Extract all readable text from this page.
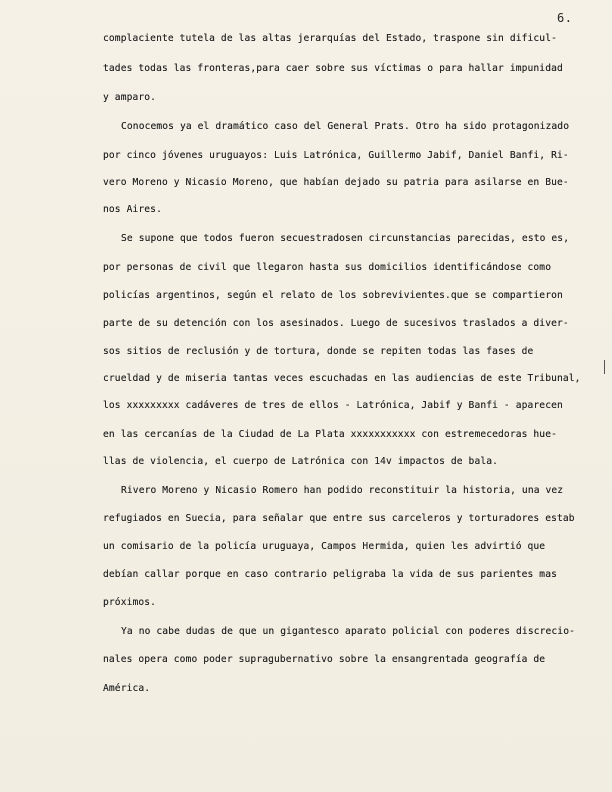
6.
complaciente tutela de las altas jerarquías del Estado, traspone sin dificul-
tades todas las fronteras,para caer sobre sus víctimas o para hallar impunidad
y amparo.
Conocemos ya el dramático caso del General Prats. Otro ha sido protagonizado
por cinco jóvenes uruguayos: Luis Latrónica, Guillermo Jabif, Daniel Banfi, Ri-
vero Moreno y Nicasio Moreno, que habían dejado su patria para asilarse en Bue-
nos Aires.
Se supone que todos fueron secuestradosen circunstancias parecidas, esto es,
por personas de civil que llegaron hasta sus domicilios identificándose como
policías argentinos, según el relato de los sobrevivientes.que se compartieron
parte de su detención con los asesinados. Luego de sucesivos traslados a diver-
sos sitios de reclusión y de tortura, donde se repiten todas las fases de
crueldad y de miseria tantas veces escuchadas en las audiencias de este Tribunal,
los xxxxxxxxx cadáveres de tres de ellos - Latrónica, Jabif y Banfi - aparecen
en las cercanías de la Ciudad de La Plata xxxxxxxxxxx con estremecedoras hue-
llas de violencia, el cuerpo de Latrónica con 14v impactos de bala.
Rivero Moreno y Nicasio Romero han podido reconstituir la historia, una vez
refugiados en Suecia, para señalar que entre sus carceleros y torturadores estab
un comisario de la policía uruguaya, Campos Hermida, quien les advirtió que
debían callar porque en caso contrario peligraba la vida de sus parientes mas
próximos.
Ya no cabe dudas de que un gigantesco aparato policial con poderes discrecio-
nales opera como poder supragubernativo sobre la ensangrentada geografía de
América.
